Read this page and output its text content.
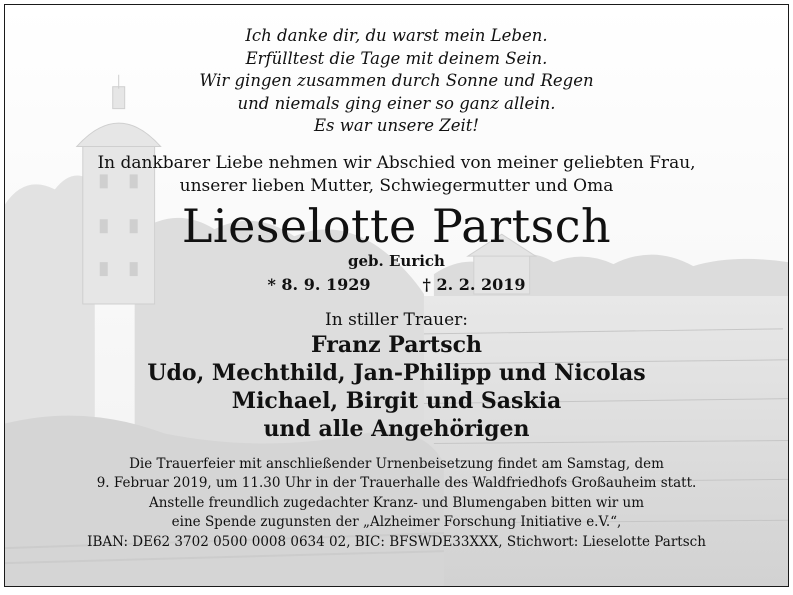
Ich danke dir, du warst mein Leben.
Erfülltest die Tage mit deinem Sein.
Wir gingen zusammen durch Sonne und Regen
und niemals ging einer so ganz allein.
Es war unsere Zeit!
In dankbarer Liebe nehmen wir Abschied von meiner geliebten Frau,
unserer lieben Mutter, Schwiegermutter und Oma
Lieselotte Partsch
geb. Eurich
* 8. 9. 1929	† 2. 2. 2019
In stiller Trauer:
Franz Partsch
Udo, Mechthild, Jan-Philipp und Nicolas
Michael, Birgit und Saskia
und alle Angehörigen
Die Trauerfeier mit anschließender Urnenbeisetzung findet am Samstag, dem
9. Februar 2019, um 11.30 Uhr in der Trauerhalle des Waldfriedhofs Großauheim statt.
Anstelle freundlich zugedachter Kranz- und Blumengaben bitten wir um
eine Spende zugunsten der „Alzheimer Forschung Initiative e.V.“,
IBAN: DE62 3702 0500 0008 0634 02, BIC: BFSWDE33XXX, Stichwort: Lieselotte Partsch
